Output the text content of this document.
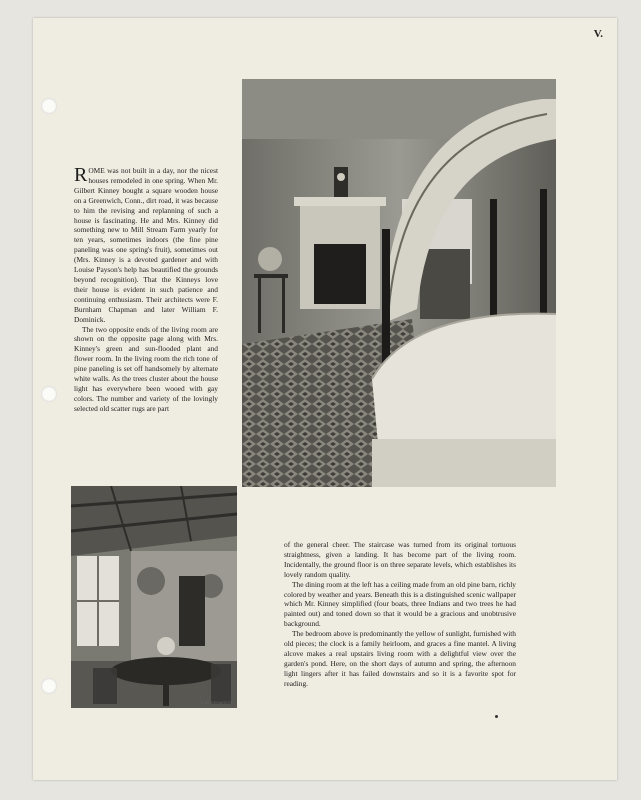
V.

ROME was not built in a day, nor the nicest houses remodeled in one spring. When Mr. Gilbert Kinney bought a square wooden house on a Greenwich, Conn., dirt road, it was because to him the revising and replanning of such a house is fascinating. He and Mrs. Kinney did something new to Mill Stream Farm yearly for ten years, sometimes indoors (the fine pine paneling was one spring's fruit), sometimes out (Mrs. Kinney is a devoted gardener and with Louise Payson's help has beautified the grounds beyond recognition). That the Kinneys love their house is evident in such patience and continuing enthusiasm. Their architects were F. Burnham Chapman and later William F. Dominick.

The two opposite ends of the living room are shown on the opposite page along with Mrs. Kinney's green and sun-flooded plant and flower room. In the living room the rich tone of pine paneling is set off handsomely by alternate white walls. As the trees cluster about the house light has everywhere been wooed with gay colors. The number and variety of the lovingly selected old scatter rugs are part

F. M. DEMAREST

of the general cheer. The staircase was turned from its original tortuous straightness, given a landing. It has become part of the living room. Incidentally, the ground floor is on three separate levels, which establishes its lovely random quality.

The dining room at the left has a ceiling made from an old pine barn, richly colored by weather and years. Beneath this is a distinguished scenic wallpaper which Mr. Kinney simplified (four boats, three Indians and two trees he had painted out) and toned down so that it would be a gracious and unobtrusive background.

The bedroom above is predominantly the yellow of sunlight, furnished with old pieces; the clock is a family heirloom, and graces a fine mantel. A living alcove makes a real upstairs living room with a delightful view over the garden's pond. Here, on the short days of autumn and spring, the afternoon light lingers after it has failed downstairs and so it is a favorite spot for reading.
